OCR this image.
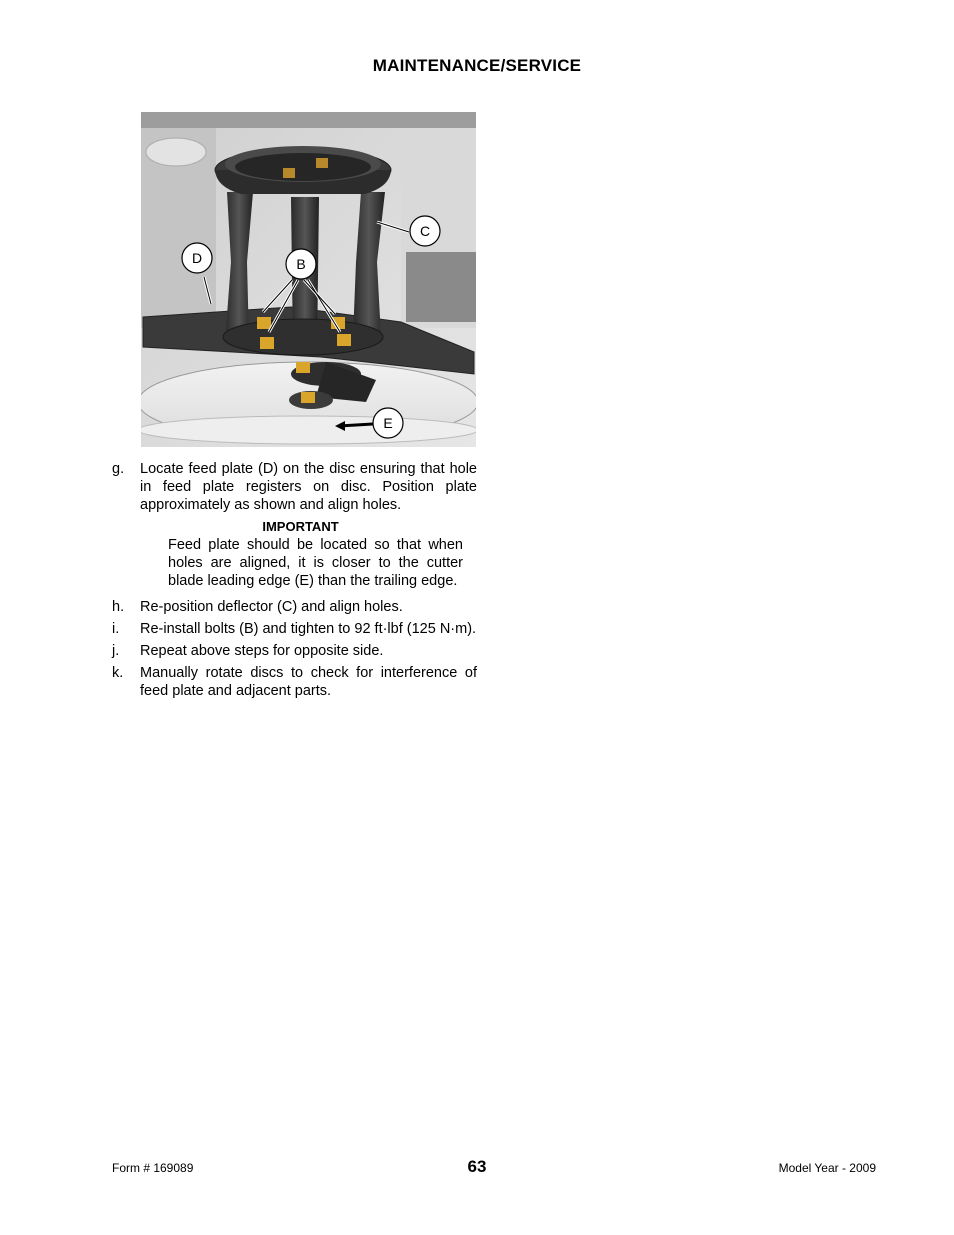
MAINTENANCE/SERVICE
D	B
C
E
g. Locate feed plate (D) on the disc ensuring that hole in feed plate registers on disc. Position plate approximately as shown and align holes.
IMPORTANT
Feed plate should be located so that when holes are aligned, it is closer to the cutter blade leading edge (E) than the trailing edge.
h. Re-position deflector (C) and align holes.
i. Re-install bolts (B) and tighten to 92 ft·lbf (125 N·m).
j. Repeat above steps for opposite side.
k. Manually rotate discs to check for interference of feed plate and adjacent parts.
Form # 169089	63	Model Year - 2009
